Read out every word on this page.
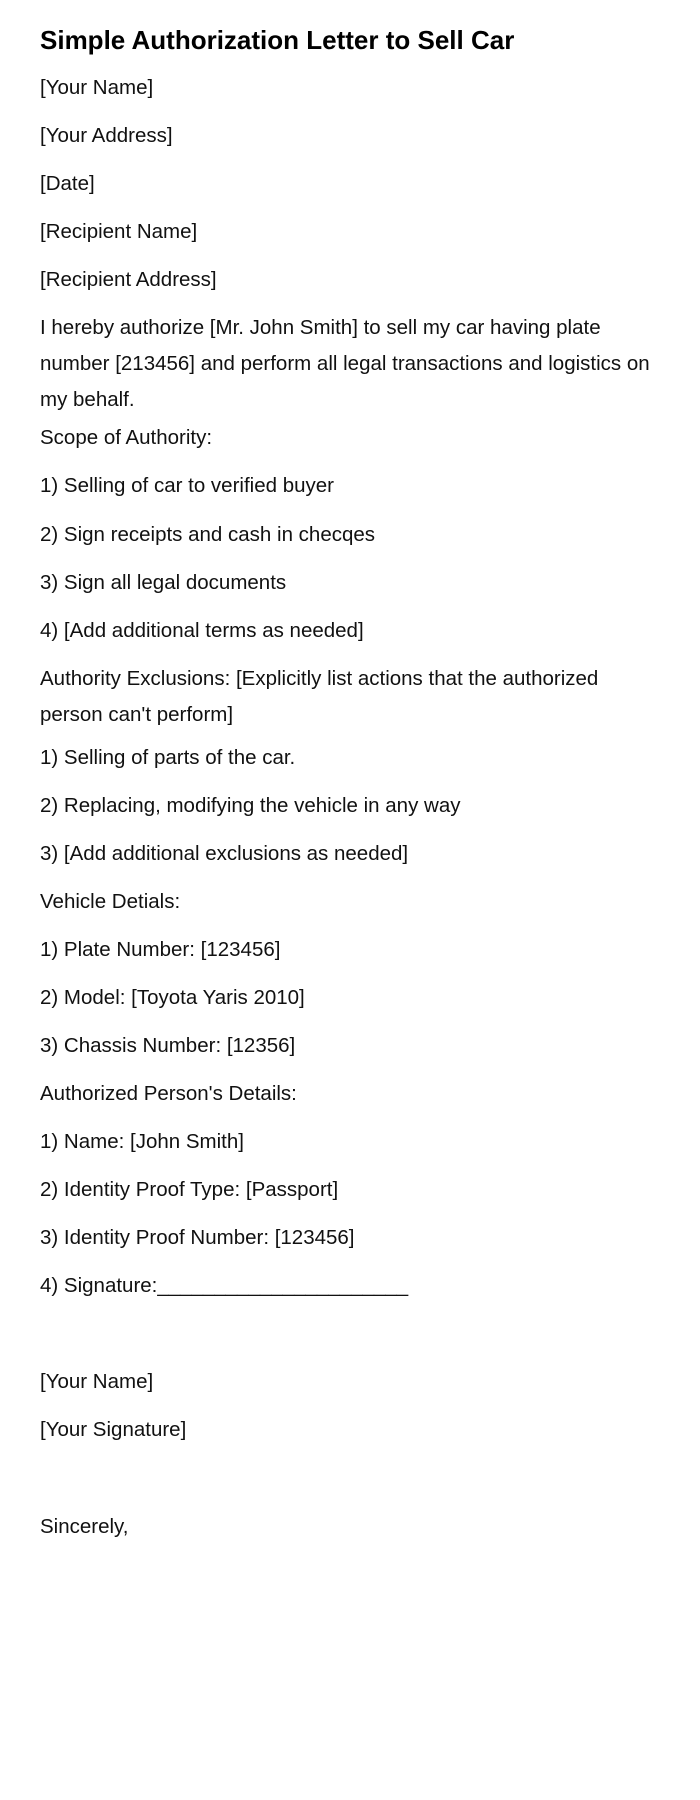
Simple Authorization Letter to Sell Car

[Your Name]

[Your Address]

[Date]

[Recipient Name]

[Recipient Address]

I hereby authorize [Mr. John Smith] to sell my car having plate number [213456] and perform all legal transactions and logistics on my behalf.

Scope of Authority:

1) Selling of car to verified buyer

2) Sign receipts and cash in checqes

3) Sign all legal documents

4) [Add additional terms as needed]

Authority Exclusions: [Explicitly list actions that the authorized person can't perform]

1) Selling of parts of the car.

2) Replacing, modifying the vehicle in any way

3) [Add additional exclusions as needed]

Vehicle Detials:

1) Plate Number: [123456]

2) Model: [Toyota Yaris 2010]

3) Chassis Number: [12356]

Authorized Person's Details:

1) Name: [John Smith]

2) Identity Proof Type: [Passport]

3) Identity Proof Number: [123456]

4) Signature:______________________

[Your Name]

[Your Signature]

Sincerely,
